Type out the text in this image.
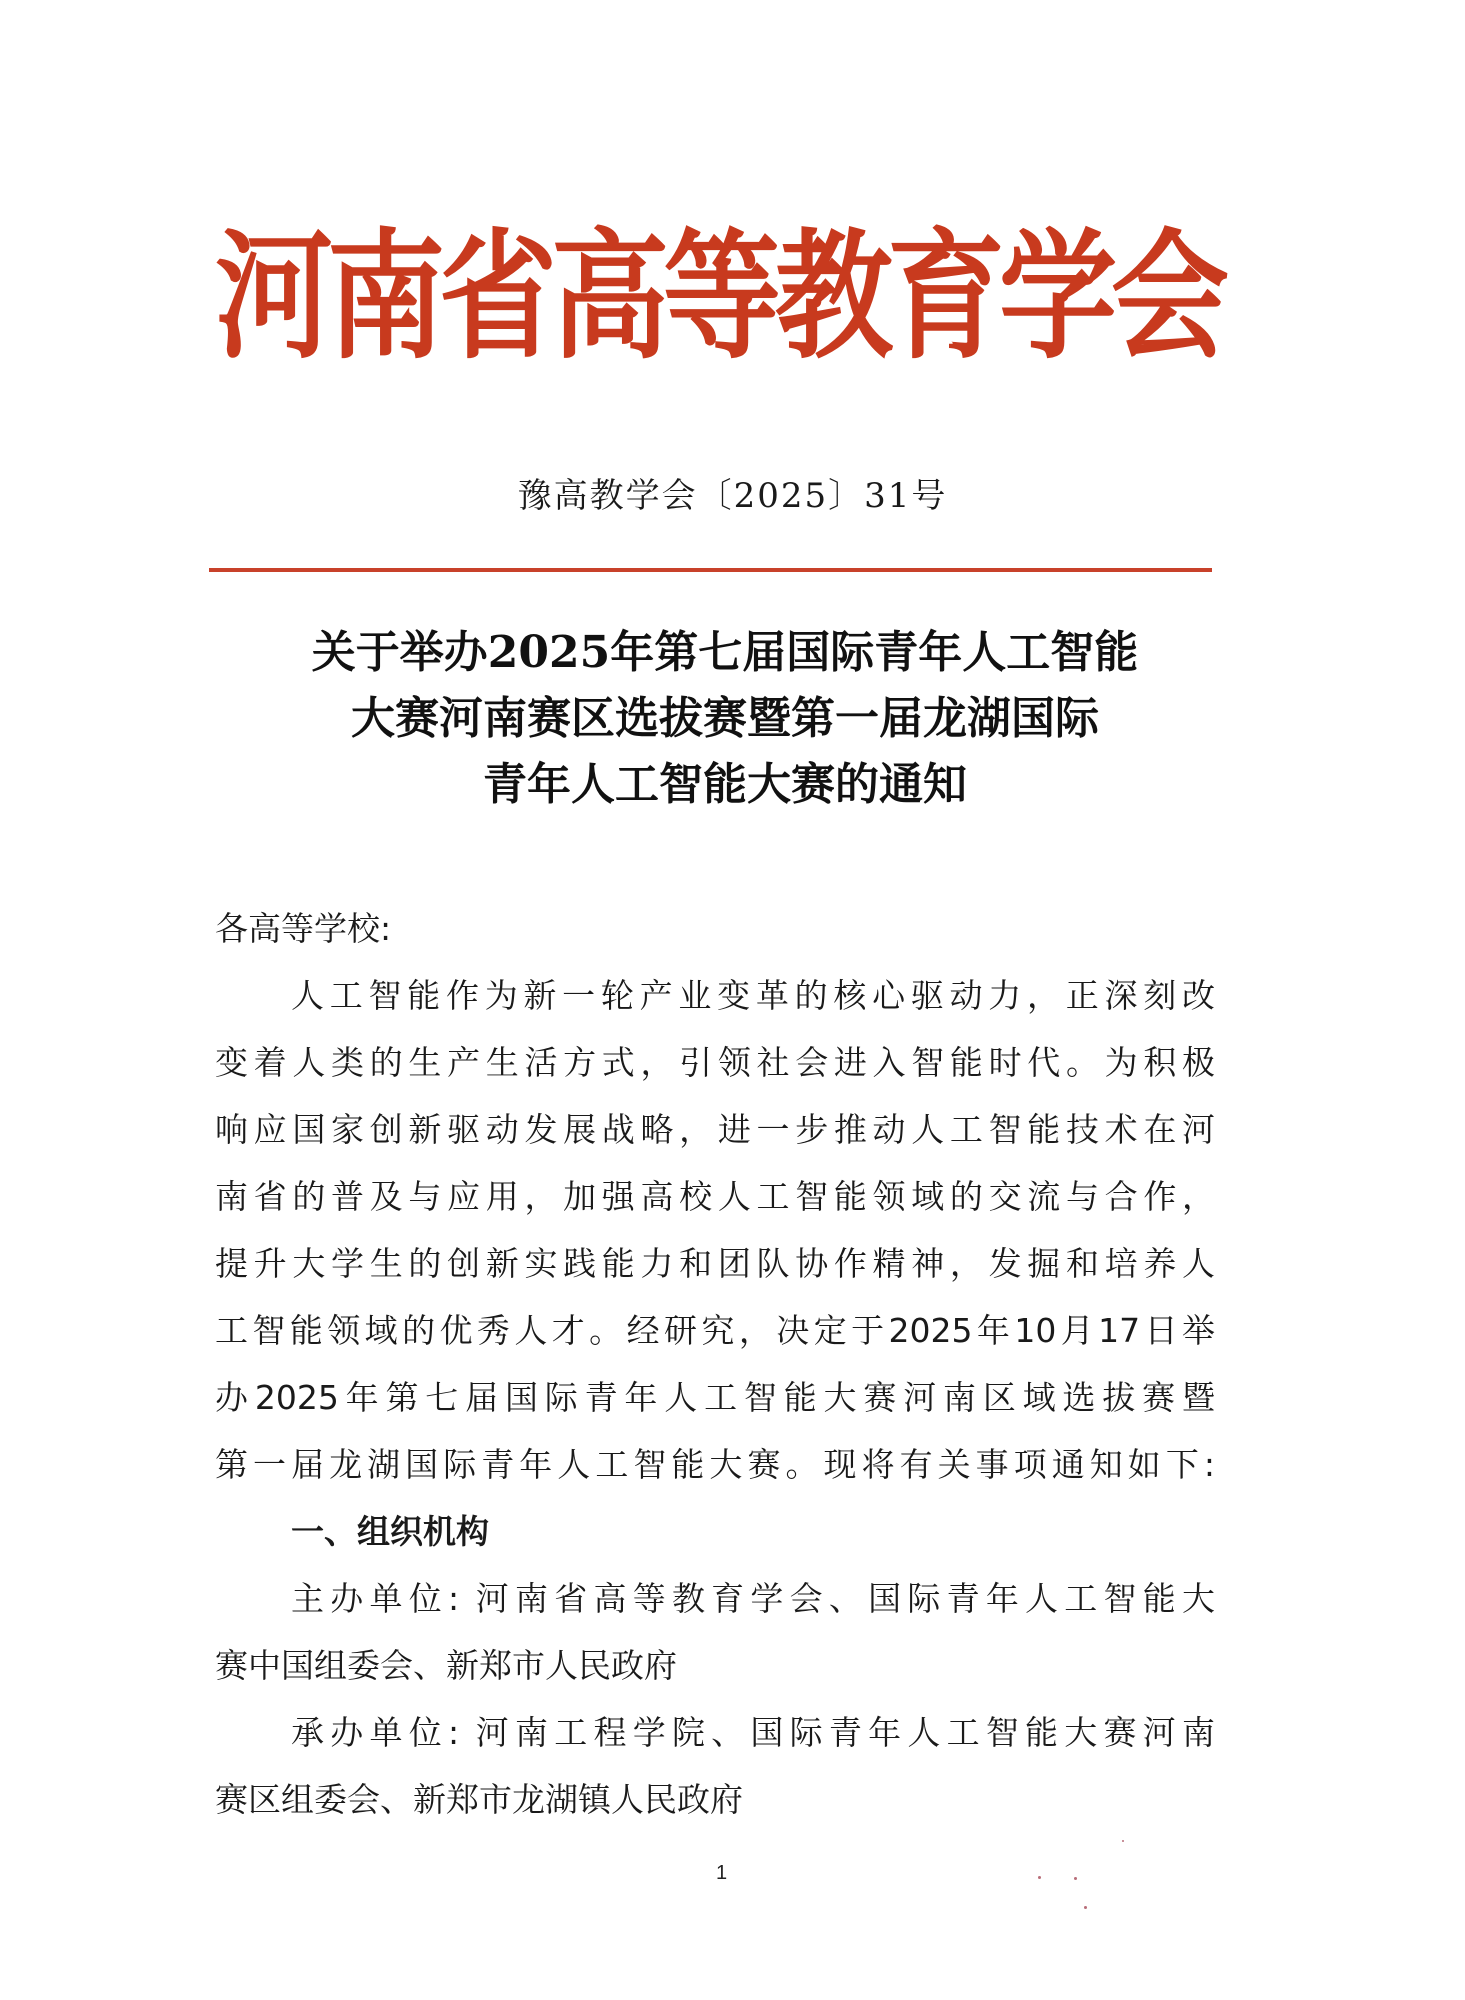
河
南
省
高
等
教
育
学
会
豫高教学会〔2025〕31号
关于举办2025年第七届国际青年人工智能
大赛河南赛区选拔赛暨第一届龙湖国际
青年人工智能大赛的通知
各高等学校:
人工智能作为新一轮产业变革的核心驱动力，正深刻改
变着人类的生产生活方式，引领社会进入智能时代。为积极
响应国家创新驱动发展战略，进一步推动人工智能技术在河
南省的普及与应用，加强高校人工智能领域的交流与合作，
提升大学生的创新实践能力和团队协作精神，发掘和培养人
工智能领域的优秀人才。经研究，决定于2025年10月17日举
办2025年第七届国际青年人工智能大赛河南区域选拔赛暨
第一届龙湖国际青年人工智能大赛。现将有关事项通知如下:
一、组织机构
主办单位: 河南省高等教育学会、国际青年人工智能大
赛中国组委会、新郑市人民政府
承办单位: 河南工程学院、国际青年人工智能大赛河南
赛区组委会、新郑市龙湖镇人民政府
1
